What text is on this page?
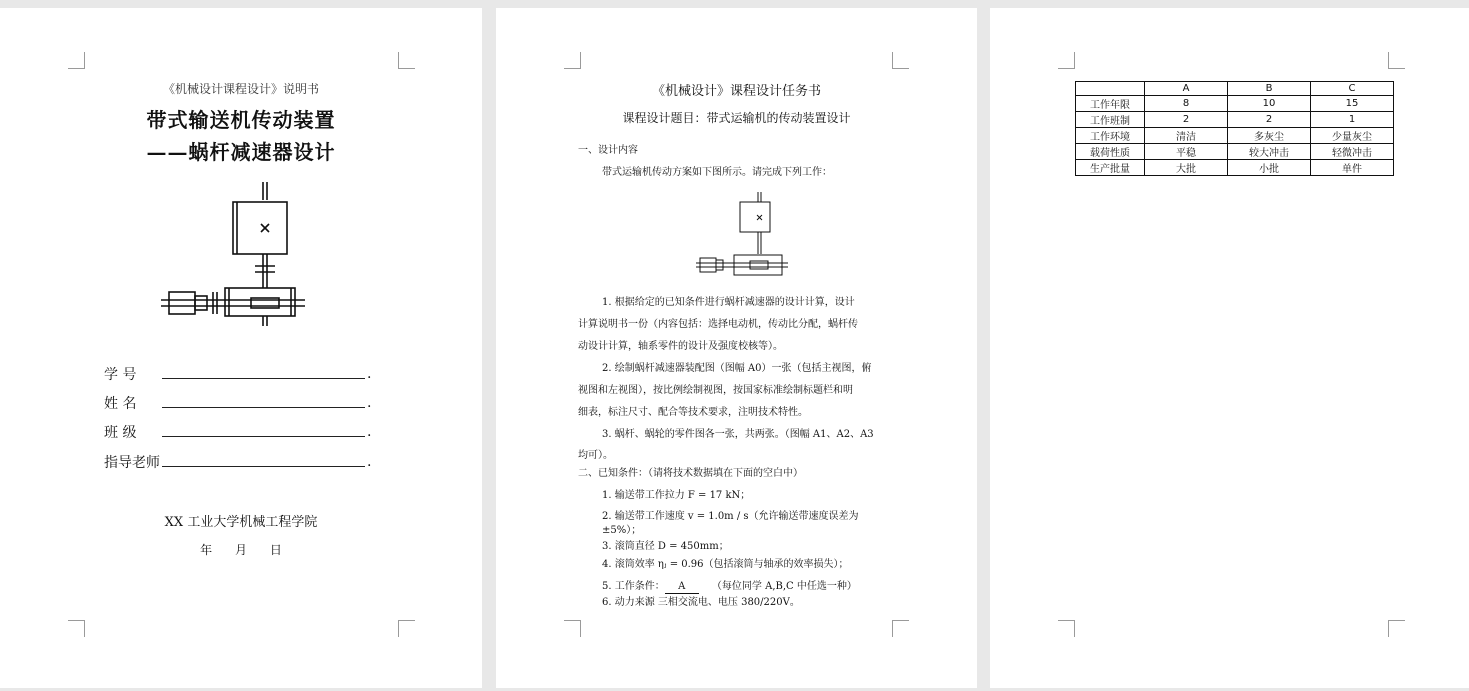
《机械设计课程设计》说明书
带式输送机传动装置
——蜗杆减速器设计
学 号	.
姓 名	.
班 级	.
指导老师	.
XX 工业大学机械工程学院
年      月      日
《机械设计》课程设计任务书
课程设计题目：带式运输机的传动装置设计
一、设计内容
带式运输机传动方案如下图所示。请完成下列工作：
1. 根据给定的已知条件进行蜗杆减速器的设计计算，设计
计算说明书一份（内容包括：选择电动机，传动比分配，蜗杆传
动设计计算，轴系零件的设计及强度校核等）。
2. 绘制蜗杆减速器装配图（图幅 A0）一张（包括主视图，俯
视图和左视图），按比例绘制视图，按国家标准绘制标题栏和明
细表，标注尺寸、配合等技术要求，注明技术特性。
3. 蜗杆、蜗轮的零件图各一张，共两张。（图幅 A1、A2、A3
均可）。
二、已知条件：（请将技术数据填在下面的空白中）
1. 输送带工作拉力 F = 17 kN；
2. 输送带工作速度 v = 1.0m / s（允许输送带速度误差为
±5%）；
3. 滚筒直径 D = 450mm；
4. 滚筒效率 ηⱼ = 0.96（包括滚筒与轴承的效率损失）；
5. 工作条件： A	（每位同学 A,B,C 中任选一种）
6. 动力来源 三相交流电、电压 380/220V。
	A	B	C
工作年限	8	10	15
工作班制	2	2	1
工作环境	清洁	多灰尘	少量灰尘
载荷性质	平稳	较大冲击	轻微冲击
生产批量	大批	小批	单件
